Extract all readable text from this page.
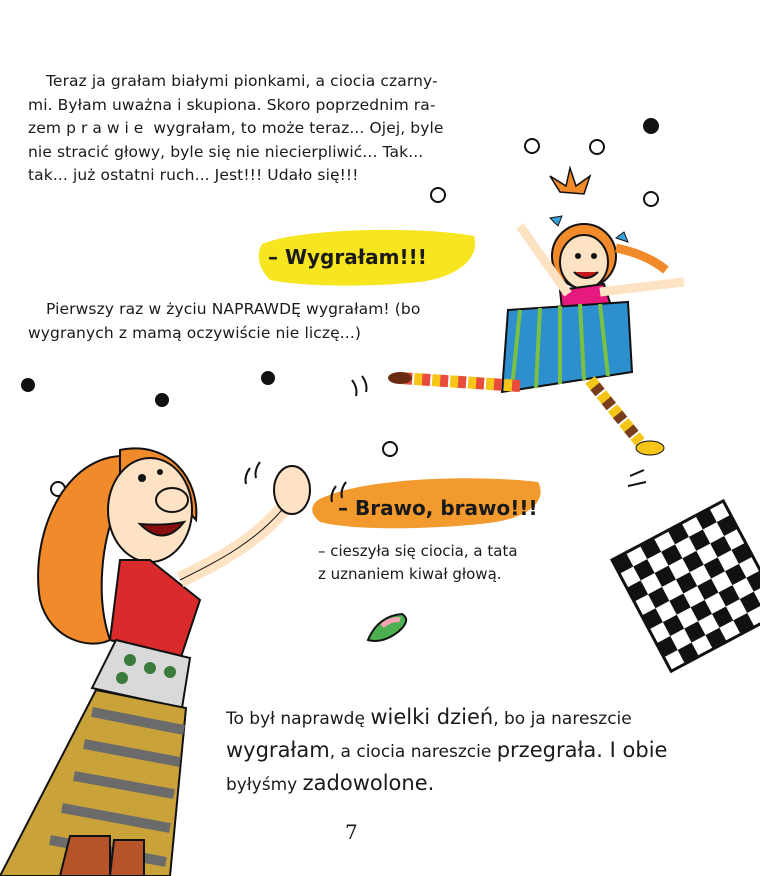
Teraz ja grałam białymi pionkami, a ciocia czarny-
mi. Byłam uważna i skupiona. Skoro poprzednim ra-
zem prawie wygrałam, to może teraz... Ojej, byle
nie stracić głowy, byle się nie niecierpliwić... Tak...
tak... już ostatni ruch... Jest!!! Udało się!!!
– Wygrałam!!!
Pierwszy raz w życiu NAPRAWDĘ wygrałam! (bo
wygranych z mamą oczywiście nie liczę...)
– Brawo, brawo!!!
– cieszyła się ciocia, a tata
z uznaniem kiwał głową.
To był naprawdę wielki dzień, bo ja nareszcie
wygrałam, a ciocia nareszcie przegrała. I obie
byłyśmy zadowolone.
7
